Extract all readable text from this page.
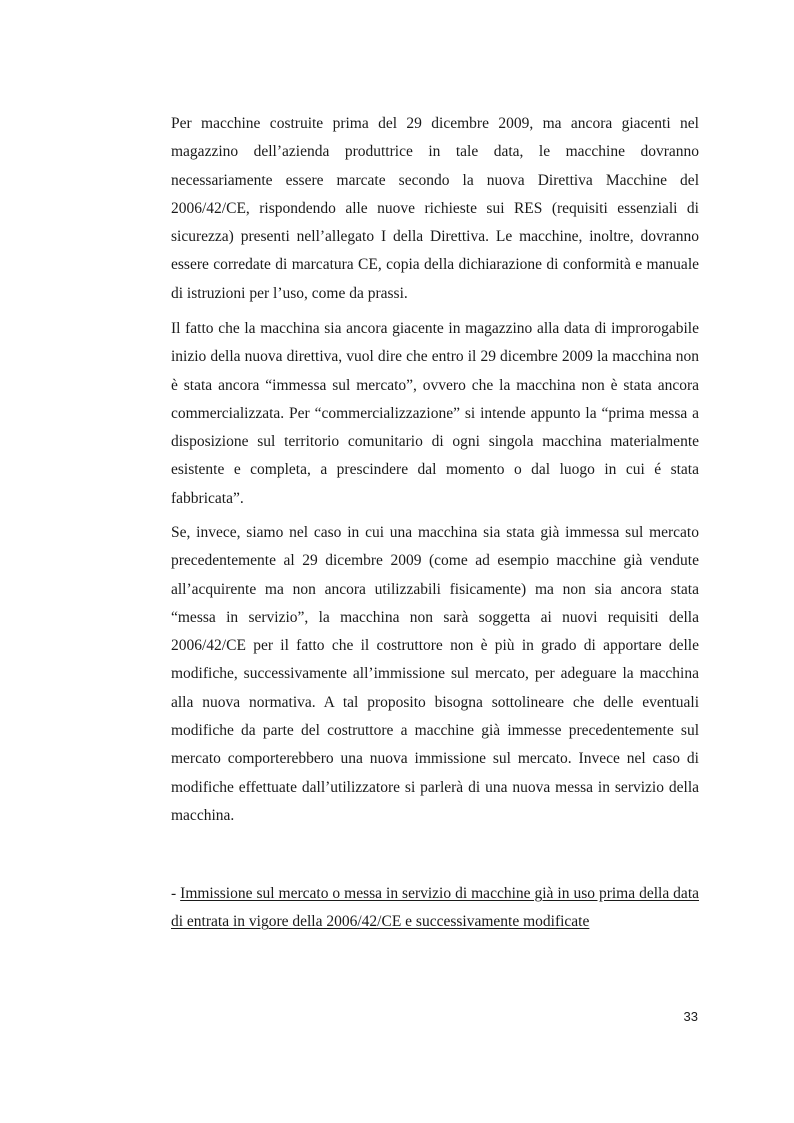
Per macchine costruite prima del 29 dicembre 2009, ma ancora giacenti nel magazzino dell’azienda produttrice in tale data, le macchine dovranno necessariamente essere marcate secondo la nuova Direttiva Macchine del 2006/42/CE, rispondendo alle nuove richieste sui RES (requisiti essenziali di sicurezza) presenti nell’allegato I della Direttiva. Le macchine, inoltre, dovranno essere corredate di marcatura CE, copia della dichiarazione di conformità e manuale di istruzioni per l’uso, come da prassi.

Il fatto che la macchina sia ancora giacente in magazzino alla data di improrogabile inizio della nuova direttiva, vuol dire che entro il 29 dicembre 2009 la macchina non è stata ancora “immessa sul mercato”, ovvero che la macchina non è stata ancora commercializzata. Per “commercializzazione” si intende appunto la “prima messa a disposizione sul territorio comunitario di ogni singola macchina materialmente esistente e completa, a prescindere dal momento o dal luogo in cui é stata fabbricata”.

Se, invece, siamo nel caso in cui una macchina sia stata già immessa sul mercato precedentemente al 29 dicembre 2009 (come ad esempio macchine già vendute all’acquirente ma non ancora utilizzabili fisicamente) ma non sia ancora stata “messa in servizio”, la macchina non sarà soggetta ai nuovi requisiti della 2006/42/CE per il fatto che il costruttore non è più in grado di apportare delle modifiche, successivamente all’immissione sul mercato, per adeguare la macchina alla nuova normativa. A tal proposito bisogna sottolineare che delle eventuali modifiche da parte del costruttore a macchine già immesse precedentemente sul mercato comporterebbero una nuova immissione sul mercato. Invece nel caso di modifiche effettuate dall’utilizzatore si parlerà di una nuova messa in servizio della macchina.

- Immissione sul mercato o messa in servizio di macchine già in uso prima della data di entrata in vigore della 2006/42/CE e successivamente modificate

33
